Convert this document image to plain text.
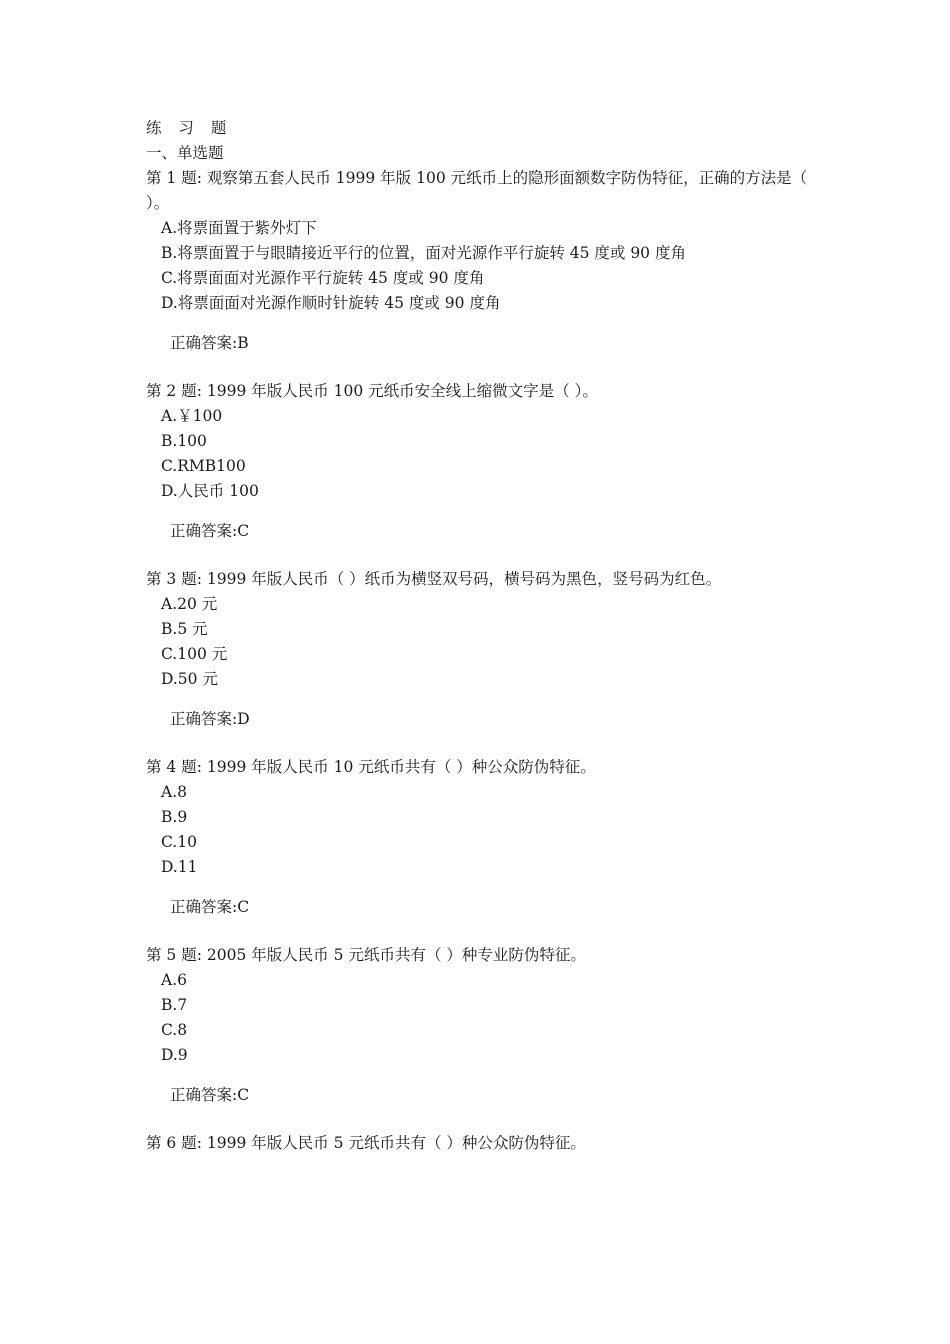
练 习 题
一、单选题
第 1 题: 观察第五套人民币 1999 年版 100 元纸币上的隐形面额数字防伪特征，正确的方法是（ ）。
A.将票面置于紫外灯下
B.将票面置于与眼睛接近平行的位置，面对光源作平行旋转 45 度或 90 度角
C.将票面面对光源作平行旋转 45 度或 90 度角
D.将票面面对光源作顺时针旋转 45 度或 90 度角
正确答案:B
第 2 题: 1999 年版人民币 100 元纸币安全线上缩微文字是（ ）。
A.￥100
B.100
C.RMB100
D.人民币 100
正确答案:C
第 3 题: 1999 年版人民币（ ）纸币为横竖双号码，横号码为黑色，竖号码为红色。
A.20 元
B.5 元
C.100 元
D.50 元
正确答案:D
第 4 题: 1999 年版人民币 10 元纸币共有（ ）种公众防伪特征。
A.8
B.9
C.10
D.11
正确答案:C
第 5 题: 2005 年版人民币 5 元纸币共有（ ）种专业防伪特征。
A.6
B.7
C.8
D.9
正确答案:C
第 6 题: 1999 年版人民币 5 元纸币共有（ ）种公众防伪特征。
